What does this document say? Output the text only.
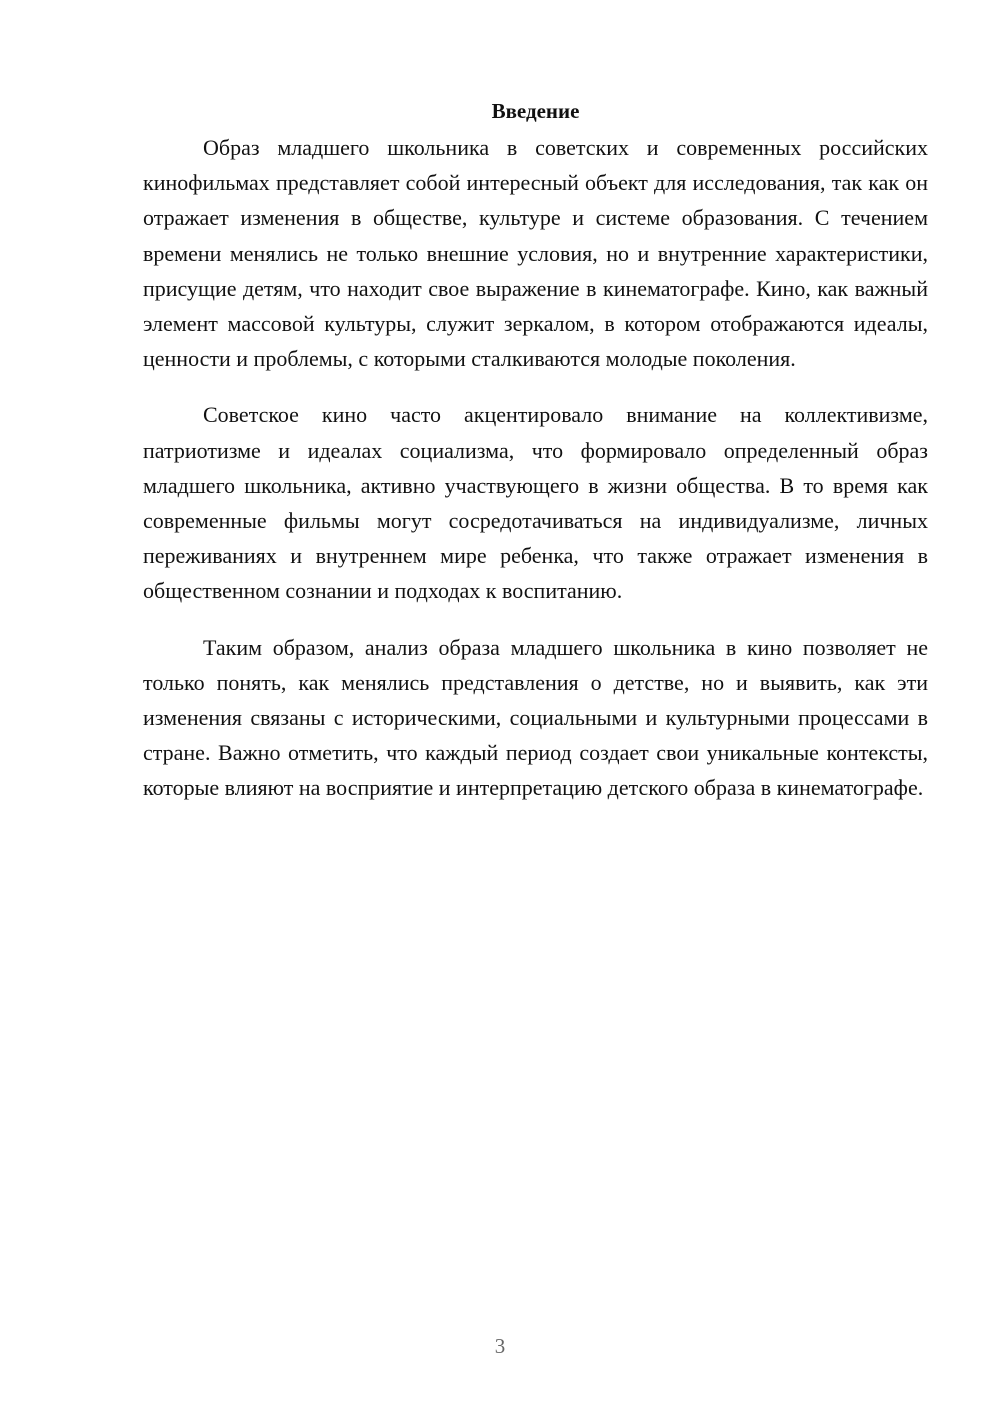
Введение

Образ младшего школьника в советских и современных российских кинофильмах представляет собой интересный объект для исследования, так как он отражает изменения в обществе, культуре и системе образования. С течением времени менялись не только внешние условия, но и внутренние характеристики, присущие детям, что находит свое выражение в кинематографе. Кино, как важный элемент массовой культуры, служит зеркалом, в котором отображаются идеалы, ценности и проблемы, с которыми сталкиваются молодые поколения.

Советское кино часто акцентировало внимание на коллективизме, патриотизме и идеалах социализма, что формировало определенный образ младшего школьника, активно участвующего в жизни общества. В то время как современные фильмы могут сосредотачиваться на индивидуализме, личных переживаниях и внутреннем мире ребенка, что также отражает изменения в общественном сознании и подходах к воспитанию.

Таким образом, анализ образа младшего школьника в кино позволяет не только понять, как менялись представления о детстве, но и выявить, как эти изменения связаны с историческими, социальными и культурными процессами в стране. Важно отметить, что каждый период создает свои уникальные контексты, которые влияют на восприятие и интерпретацию детского образа в кинематографе.

3
